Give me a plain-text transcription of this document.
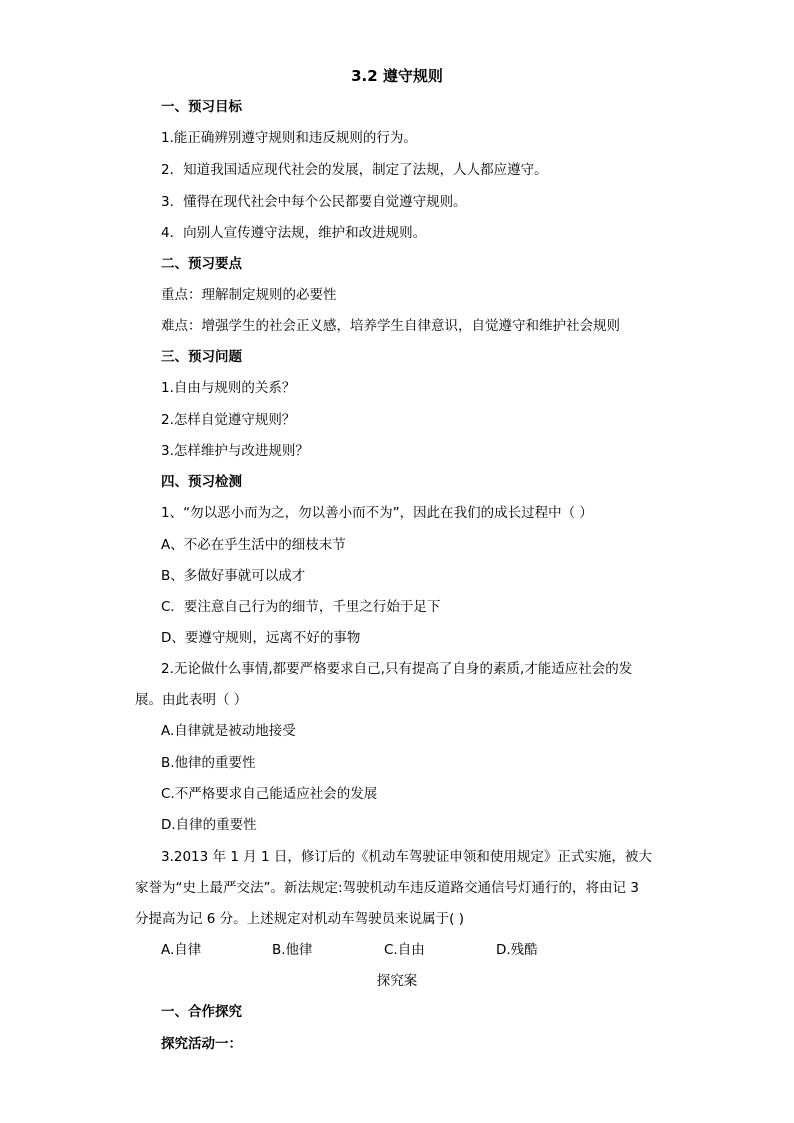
3.2 遵守规则
一、预习目标
1.能正确辨别遵守规则和违反规则的行为。
2．知道我国适应现代社会的发展，制定了法规，人人都应遵守。
3．懂得在现代社会中每个公民都要自觉遵守规则。
4．向别人宣传遵守法规，维护和改进规则。
二、预习要点
重点：理解制定规则的必要性
难点：增强学生的社会正义感，培养学生自律意识，自觉遵守和维护社会规则
三、预习问题
1.自由与规则的关系？
2.怎样自觉遵守规则？
3.怎样维护与改进规则？
四、预习检测
1、“勿以恶小而为之，勿以善小而不为”，因此在我们的成长过程中（ ）
A、不必在乎生活中的细枝末节
B、多做好事就可以成才
C．要注意自己行为的细节，千里之行始于足下
D、要遵守规则，远离不好的事物
2.无论做什么事情,都要严格要求自己,只有提高了自身的素质,才能适应社会的发
展。由此表明（ ）
A.自律就是被动地接受
B.他律的重要性
C.不严格要求自己能适应社会的发展
D.自律的重要性
3.2013 年 1 月 1 日，修订后的《机动车驾驶证申领和使用规定》正式实施，被大
家誉为“史上最严交法”。新法规定:驾驶机动车违反道路交通信号灯通行的，将由记 3
分提高为记 6 分。上述规定对机动车驾驶员来说属于( )
A.自律	B.他律	C.自由	D.残酷
探究案
一、合作探究
探究活动一：
